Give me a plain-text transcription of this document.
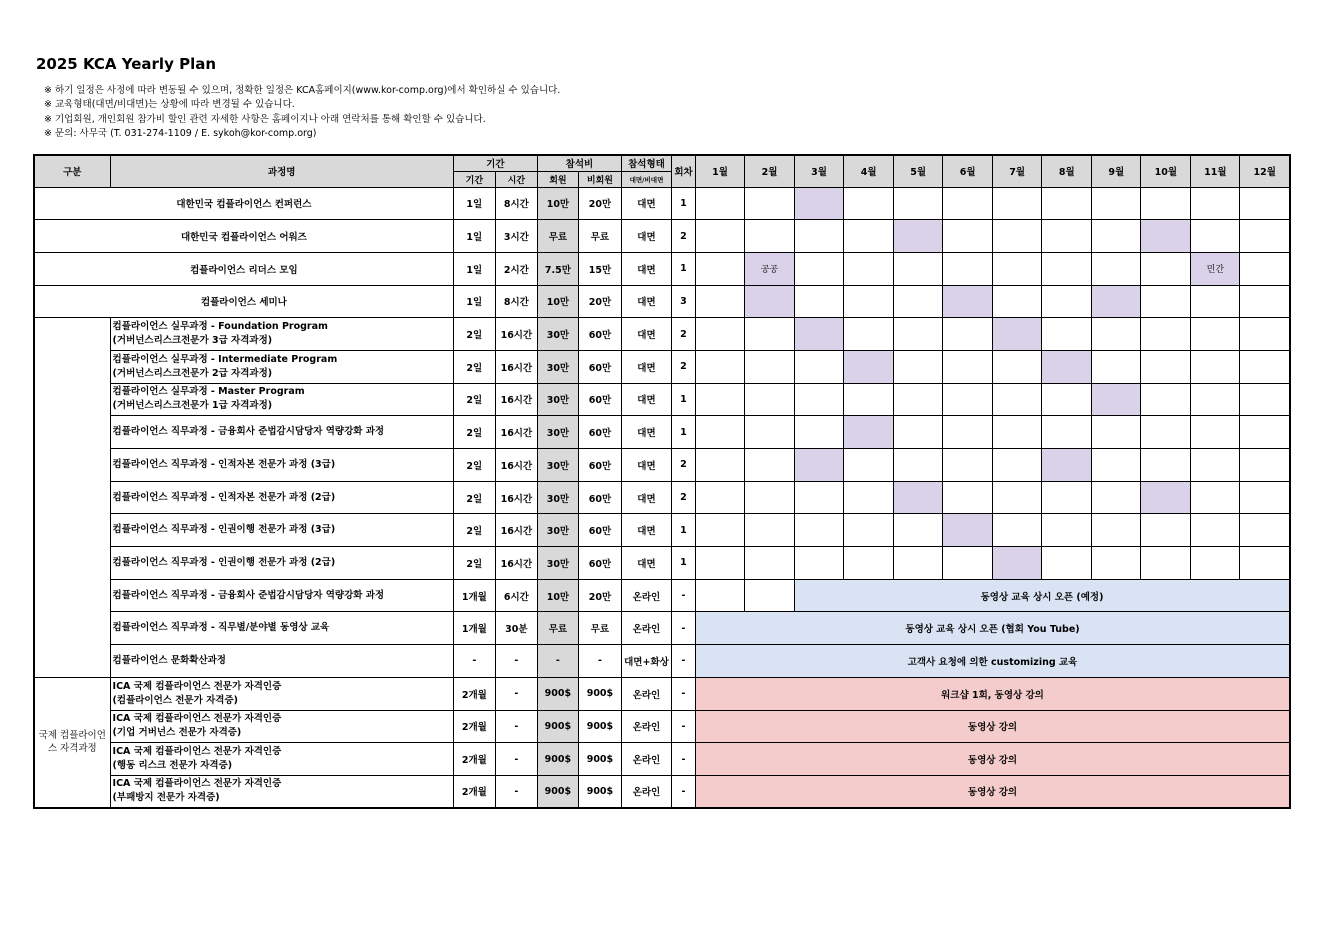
2025 KCA Yearly Plan
※ 하기 일정은 사정에 따라 변동될 수 있으며, 정확한 일정은 KCA홈페이지(www.kor-comp.org)에서 확인하실 수 있습니다.
※ 교육형태(대면/비대면)는 상황에 따라 변경될 수 있습니다.
※ 기업회원, 개인회원 참가비 할인 관련 자세한 사항은 홈페이지나 아래 연락처를 통해 확인할 수 있습니다.
※ 문의: 사무국 (T. 031-274-1109 / E. sykoh@kor-comp.org)
구분	과정명	기간		참석비		참석형태	회차	1월	2월	3월	4월	5월	6월	7월	8월	9월	10월	11월	12월
		기간	시간	회원	비회원	대면/비대면													
대한민국 컴플라이언스 컨퍼런스		1일	8시간	10만	20만	대면	1												
대한민국 컴플라이언스 어워즈		1일	3시간	무료	무료	대면	2												
컴플라이언스 리더스 모임		1일	2시간	7.5만	15만	대면	1		공공									민간	
컴플라이언스 세미나		1일	8시간	10만	20만	대면	3												

	컴플라이언스 실무과정 - Foundation Program
(거버넌스리스크전문가 3급 자격과정)	2일	16시간	30만	60만	대면	2												

	컴플라이언스 실무과정 - Intermediate Program
(거버넌스리스크전문가 2급 자격과정)	2일	16시간	30만	60만	대면	2												

	컴플라이언스 실무과정 - Master Program
(거버넌스리스크전문가 1급 자격과정)	2일	16시간	30만	60만	대면	1												

	컴플라이언스 직무과정 - 금융회사 준법감시담당자 역량강화 과정	2일	16시간	30만	60만	대면	1												

	컴플라이언스 직무과정 - 인적자본 전문가 과정 (3급)	2일	16시간	30만	60만	대면	2												

	컴플라이언스 직무과정 - 인적자본 전문가 과정 (2급)	2일	16시간	30만	60만	대면	2												

	컴플라이언스 직무과정 - 인권이행 전문가 과정 (3급)	2일	16시간	30만	60만	대면	1												

	컴플라이언스 직무과정 - 인권이행 전문가 과정 (2급)	2일	16시간	30만	60만	대면	1												

	컴플라이언스 직무과정 - 금융회사 준법감시담당자 역량강화 과정	1개월	6시간	10만	20만	온라인	-			동영상 교육 상시 오픈 (예정)									

	컴플라이언스 직무과정 - 직무별/분야별 동영상 교육	1개월	30분	무료	무료	온라인	-	동영상 교육 상시 오픈 (협회 You Tube)											

	컴플라이언스 문화확산과정	-	-	-	-	대면+화상	-	고객사 요청에 의한 customizing 교육											
국제 컴플라이언스 자격과정	ICA 국제 컴플라이언스 전문가 자격인증
(컴플라이언스 전문가 자격증)	2개월	-	900$	900$	온라인	-	워크샵 1회, 동영상 강의											

	ICA 국제 컴플라이언스 전문가 자격인증
(기업 거버넌스 전문가 자격증)	2개월	-	900$	900$	온라인	-	동영상 강의											

	ICA 국제 컴플라이언스 전문가 자격인증
(행동 리스크 전문가 자격증)	2개월	-	900$	900$	온라인	-	동영상 강의											

	ICA 국제 컴플라이언스 전문가 자격인증
(부패방지 전문가 자격증)	2개월	-	900$	900$	온라인	-	동영상 강의											
